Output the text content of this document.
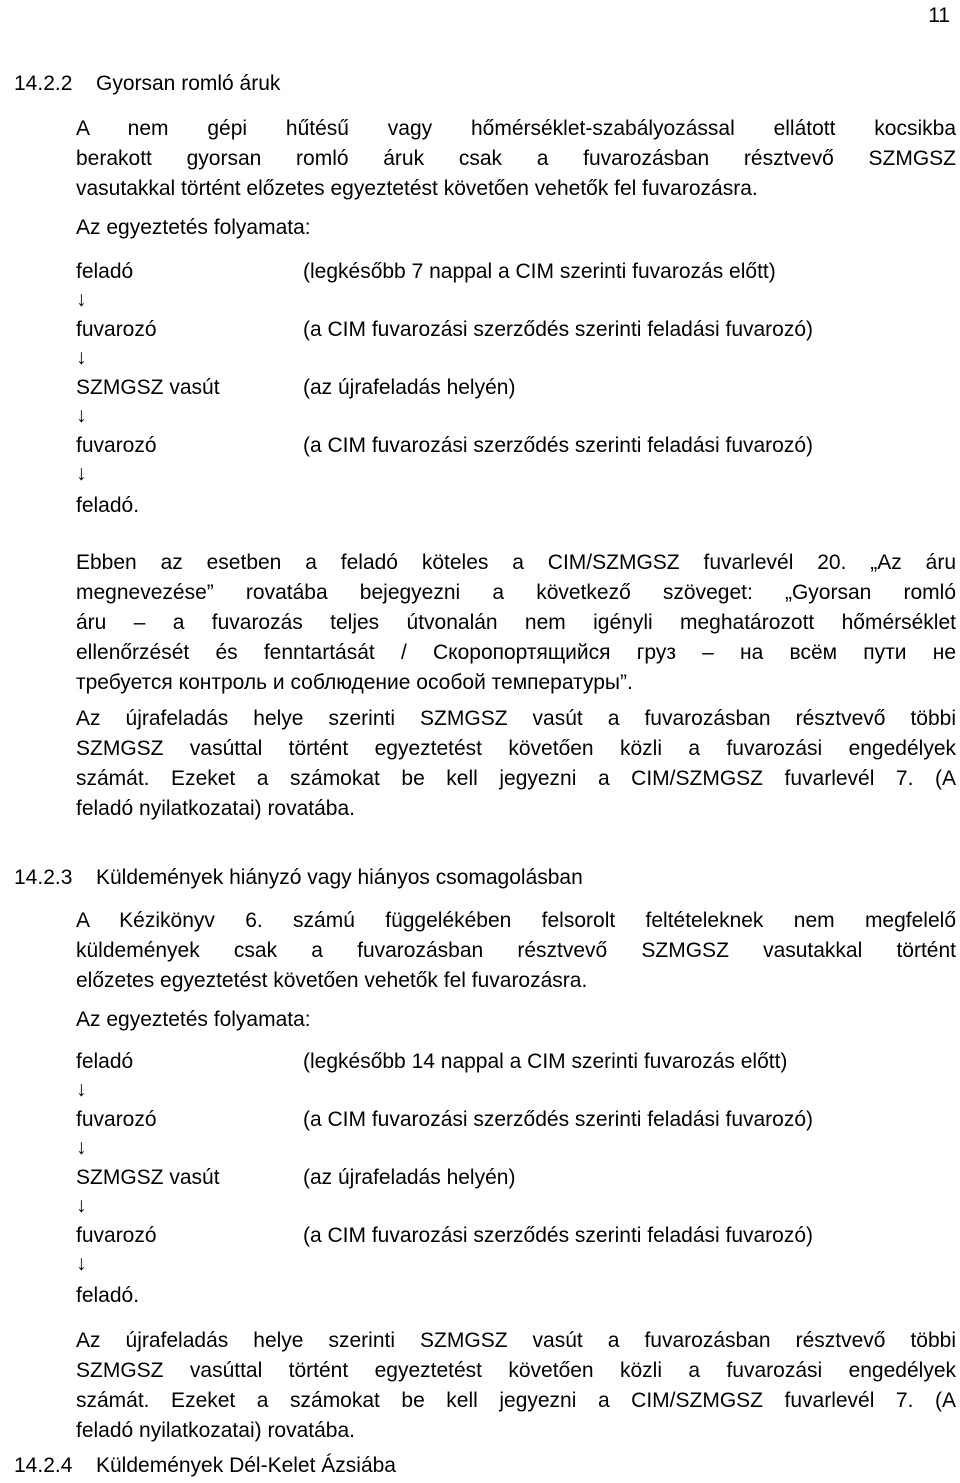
11
14.2.2 Gyorsan romló áruk
A nem gépi hűtésű vagy hőmérséklet-szabályozással ellátott kocsikba
berakott gyorsan romló áruk csak a fuvarozásban résztvevő SZMGSZ
vasutakkal történt előzetes egyeztetést követően vehetők fel fuvarozásra.
Az egyeztetés folyamata:
feladó	(legkésőbb 7 nappal a CIM szerinti fuvarozás előtt)
↓
fuvarozó	(a CIM fuvarozási szerződés szerinti feladási fuvarozó)
↓
SZMGSZ vasút	(az újrafeladás helyén)
↓
fuvarozó	(a CIM fuvarozási szerződés szerinti feladási fuvarozó)
↓
feladó.
Ebben az esetben a feladó köteles a CIM/SZMGSZ fuvarlevél 20. „Az áru
megnevezése” rovatába bejegyezni a következő szöveget: „Gyorsan romló
áru – a fuvarozás teljes útvonalán nem igényli meghatározott hőmérséklet
ellenőrzését és fenntartását / Скоропортящийся груз – на всём пути не
требуется контроль и соблюдение особой температуры”.
Az újrafeladás helye szerinti SZMGSZ vasút a fuvarozásban résztvevő többi
SZMGSZ vasúttal történt egyeztetést követően közli a fuvarozási engedélyek
számát. Ezeket a számokat be kell jegyezni a CIM/SZMGSZ fuvarlevél 7. (A
feladó nyilatkozatai) rovatába.
14.2.3 Küldemények hiányzó vagy hiányos csomagolásban
A Kézikönyv 6. számú függelékében felsorolt feltételeknek nem megfelelő
küldemények csak a fuvarozásban résztvevő SZMGSZ vasutakkal történt
előzetes egyeztetést követően vehetők fel fuvarozásra.
Az egyeztetés folyamata:
feladó	(legkésőbb 14 nappal a CIM szerinti fuvarozás előtt)
↓
fuvarozó	(a CIM fuvarozási szerződés szerinti feladási fuvarozó)
↓
SZMGSZ vasút	(az újrafeladás helyén)
↓
fuvarozó	(a CIM fuvarozási szerződés szerinti feladási fuvarozó)
↓
feladó.
Az újrafeladás helye szerinti SZMGSZ vasút a fuvarozásban résztvevő többi
SZMGSZ vasúttal történt egyeztetést követően közli a fuvarozási engedélyek
számát. Ezeket a számokat be kell jegyezni a CIM/SZMGSZ fuvarlevél 7. (A
feladó nyilatkozatai) rovatába.
14.2.4 Küldemények Dél-Kelet Ázsiába
